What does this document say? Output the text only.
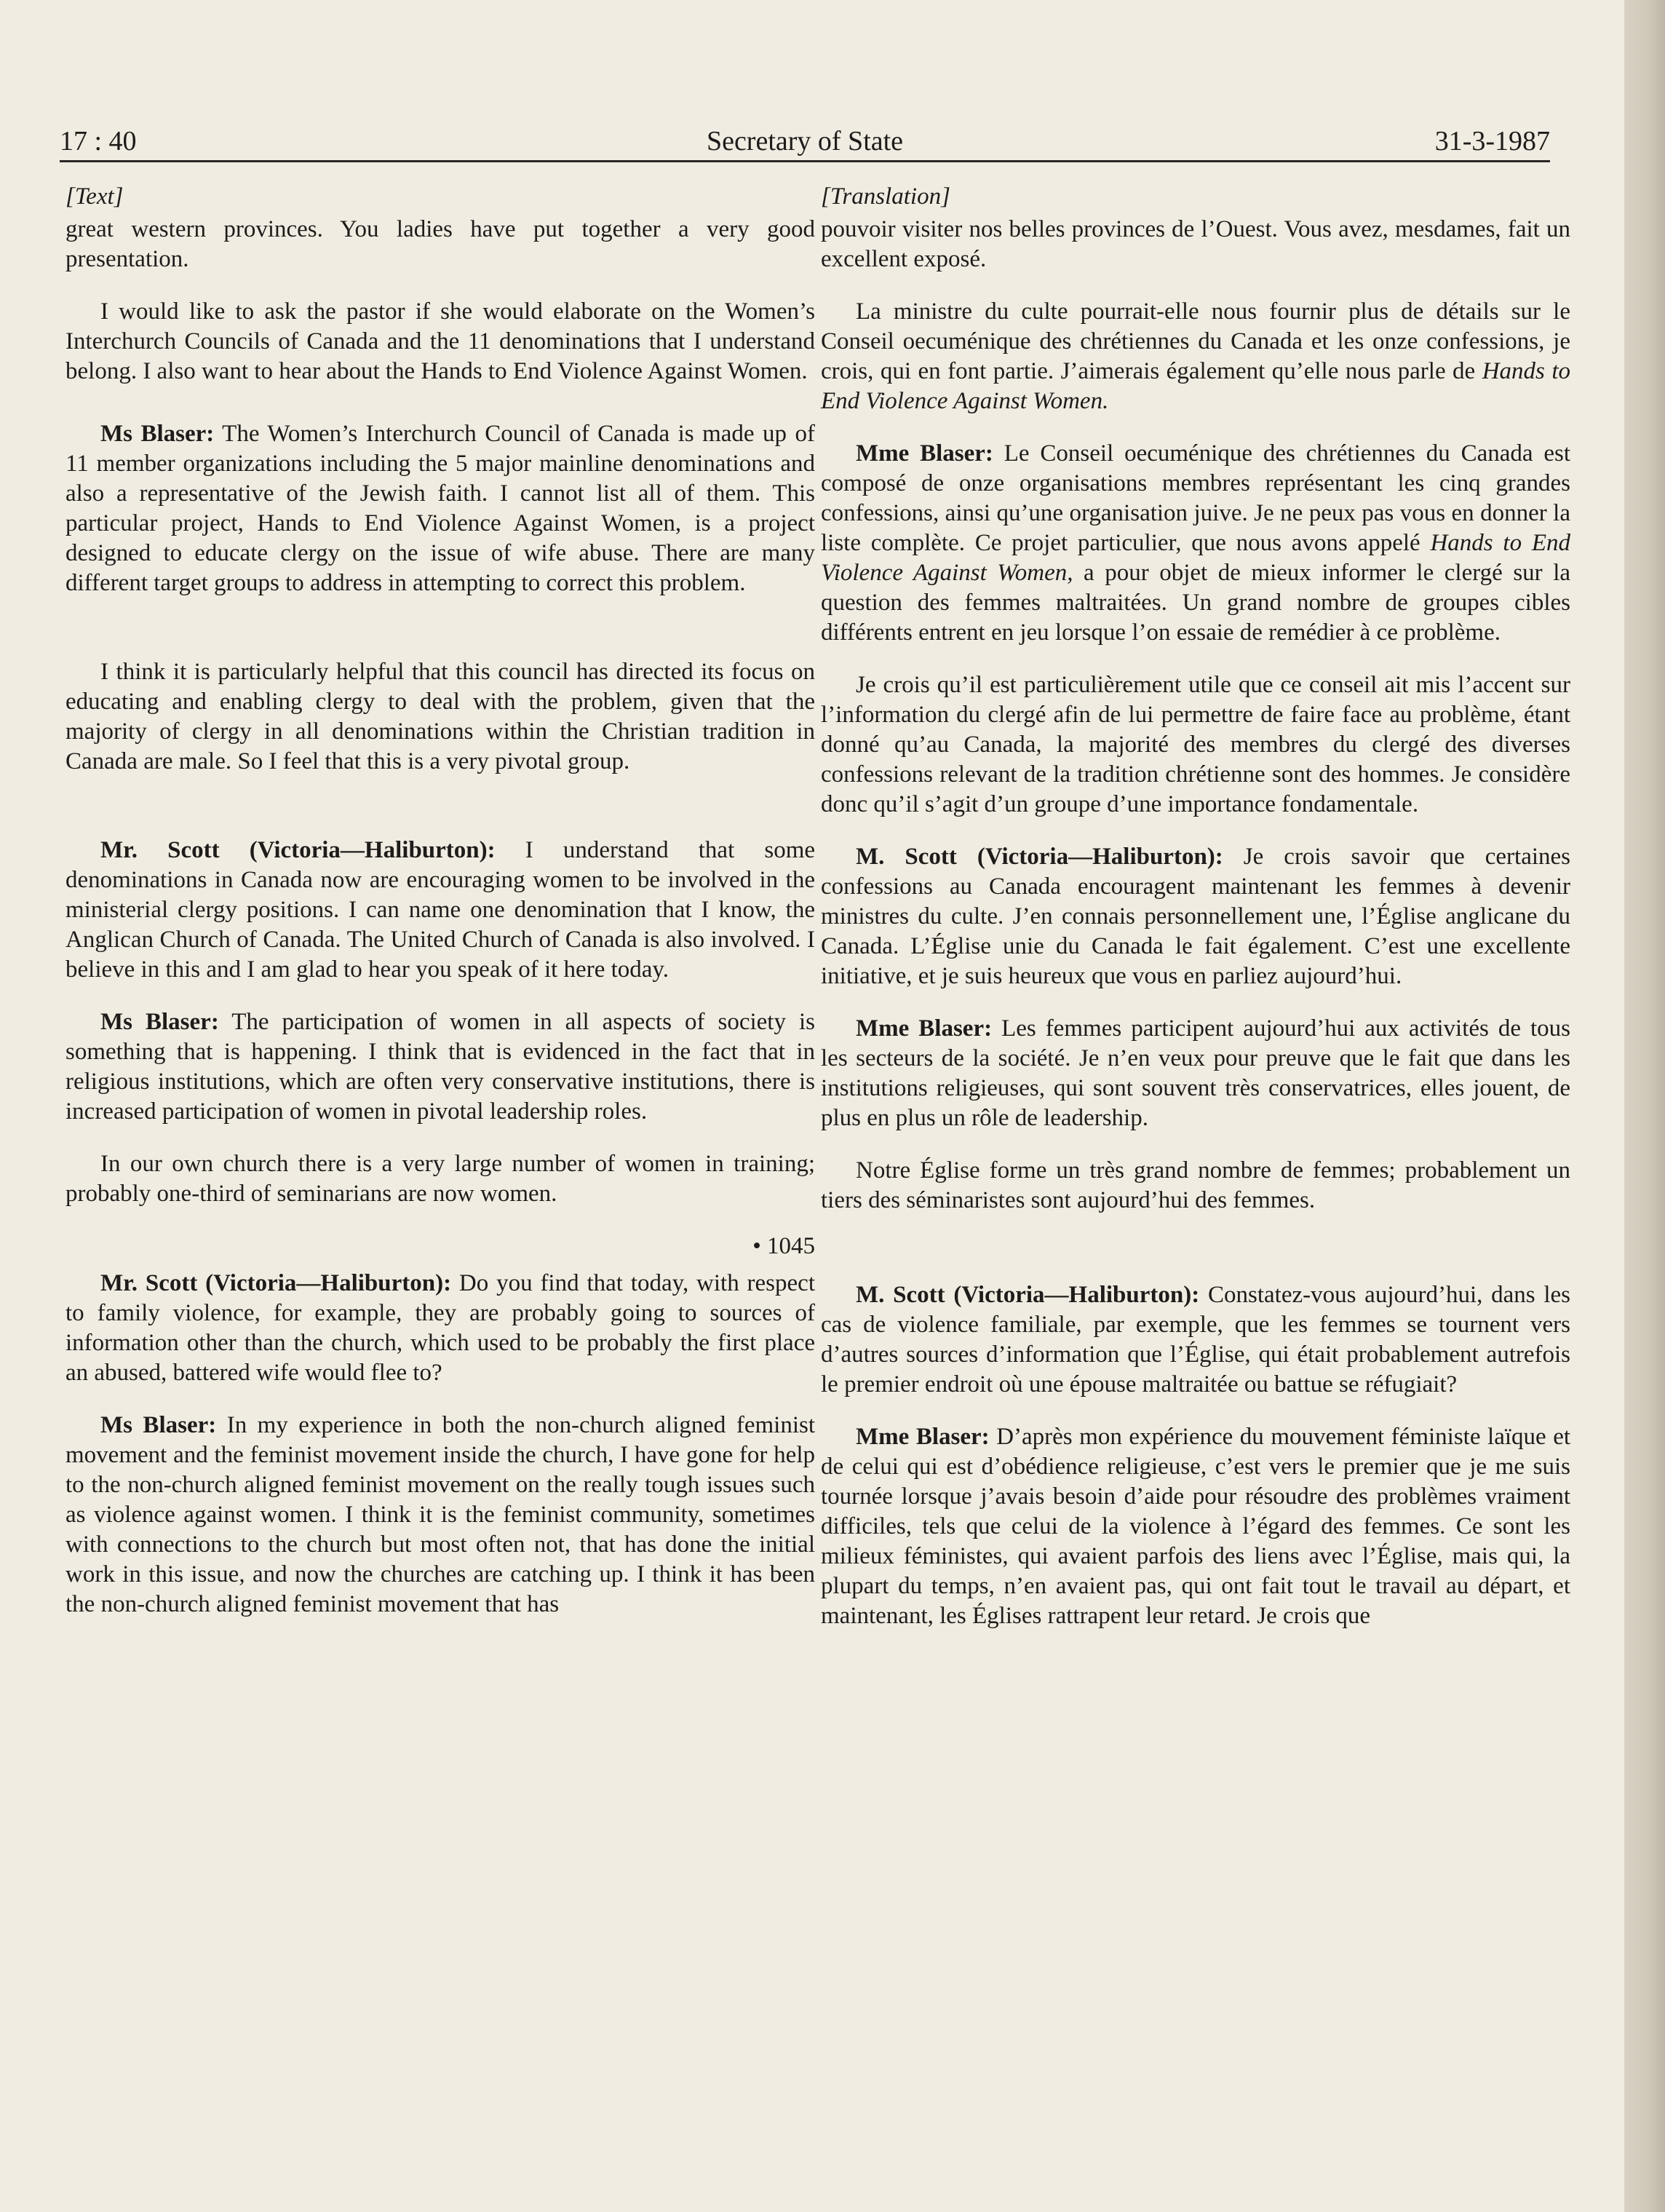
17 : 40	Secretary of State	31-3-1987
[Text]

great western provinces. You ladies have put together a very good presentation.

I would like to ask the pastor if she would elaborate on the Women’s Interchurch Councils of Canada and the 11 denominations that I understand belong. I also want to hear about the Hands to End Violence Against Women.

Ms Blaser: The Women’s Interchurch Council of Canada is made up of 11 member organizations including the 5 major mainline denominations and also a representative of the Jewish faith. I cannot list all of them. This particular project, Hands to End Violence Against Women, is a project designed to educate clergy on the issue of wife abuse. There are many different target groups to address in attempting to correct this problem.

I think it is particularly helpful that this council has directed its focus on educating and enabling clergy to deal with the problem, given that the majority of clergy in all denominations within the Christian tradition in Canada are male. So I feel that this is a very pivotal group.

Mr. Scott (Victoria—Haliburton): I understand that some denominations in Canada now are encouraging women to be involved in the ministerial clergy positions. I can name one denomination that I know, the Anglican Church of Canada. The United Church of Canada is also involved. I believe in this and I am glad to hear you speak of it here today.

Ms Blaser: The participation of women in all aspects of society is something that is happening. I think that is evidenced in the fact that in religious institutions, which are often very conservative institutions, there is increased participation of women in pivotal leadership roles.

In our own church there is a very large number of women in training; probably one-third of seminarians are now women.

• 1045

Mr. Scott (Victoria—Haliburton): Do you find that today, with respect to family violence, for example, they are probably going to sources of information other than the church, which used to be probably the first place an abused, battered wife would flee to?

Ms Blaser: In my experience in both the non-church aligned feminist movement and the feminist movement inside the church, I have gone for help to the non-church aligned feminist movement on the really tough issues such as violence against women. I think it is the feminist community, sometimes with connections to the church but most often not, that has done the initial work in this issue, and now the churches are catching up. I think it has been the non-church aligned feminist movement that has

[Translation]

pouvoir visiter nos belles provinces de l’Ouest. Vous avez, mesdames, fait un excellent exposé.

La ministre du culte pourrait-elle nous fournir plus de détails sur le Conseil oecuménique des chrétiennes du Canada et les onze confessions, je crois, qui en font partie. J’aimerais également qu’elle nous parle de Hands to End Violence Against Women.

Mme Blaser: Le Conseil oecuménique des chrétiennes du Canada est composé de onze organisations membres représentant les cinq grandes confessions, ainsi qu’une organisation juive. Je ne peux pas vous en donner la liste complète. Ce projet particulier, que nous avons appelé Hands to End Violence Against Women, a pour objet de mieux informer le clergé sur la question des femmes maltraitées. Un grand nombre de groupes cibles différents entrent en jeu lorsque l’on essaie de remédier à ce problème.

Je crois qu’il est particulièrement utile que ce conseil ait mis l’accent sur l’information du clergé afin de lui permettre de faire face au problème, étant donné qu’au Canada, la majorité des membres du clergé des diverses confessions relevant de la tradition chrétienne sont des hommes. Je considère donc qu’il s’agit d’un groupe d’une importance fondamentale.

M. Scott (Victoria—Haliburton): Je crois savoir que certaines confessions au Canada encouragent maintenant les femmes à devenir ministres du culte. J’en connais personnellement une, l’Église anglicane du Canada. L’Église unie du Canada le fait également. C’est une excellente initiative, et je suis heureux que vous en parliez aujourd’hui.

Mme Blaser: Les femmes participent aujourd’hui aux activités de tous les secteurs de la société. Je n’en veux pour preuve que le fait que dans les institutions religieuses, qui sont souvent très conservatrices, elles jouent, de plus en plus un rôle de leadership.

Notre Église forme un très grand nombre de femmes; probablement un tiers des séminaristes sont aujourd’hui des femmes.

M. Scott (Victoria—Haliburton): Constatez-vous aujourd’hui, dans les cas de violence familiale, par exemple, que les femmes se tournent vers d’autres sources d’information que l’Église, qui était probablement autrefois le premier endroit où une épouse maltraitée ou battue se réfugiait?

Mme Blaser: D’après mon expérience du mouvement féministe laïque et de celui qui est d’obédience religieuse, c’est vers le premier que je me suis tournée lorsque j’avais besoin d’aide pour résoudre des problèmes vraiment difficiles, tels que celui de la violence à l’égard des femmes. Ce sont les milieux féministes, qui avaient parfois des liens avec l’Église, mais qui, la plupart du temps, n’en avaient pas, qui ont fait tout le travail au départ, et maintenant, les Églises rattrapent leur retard. Je crois que
